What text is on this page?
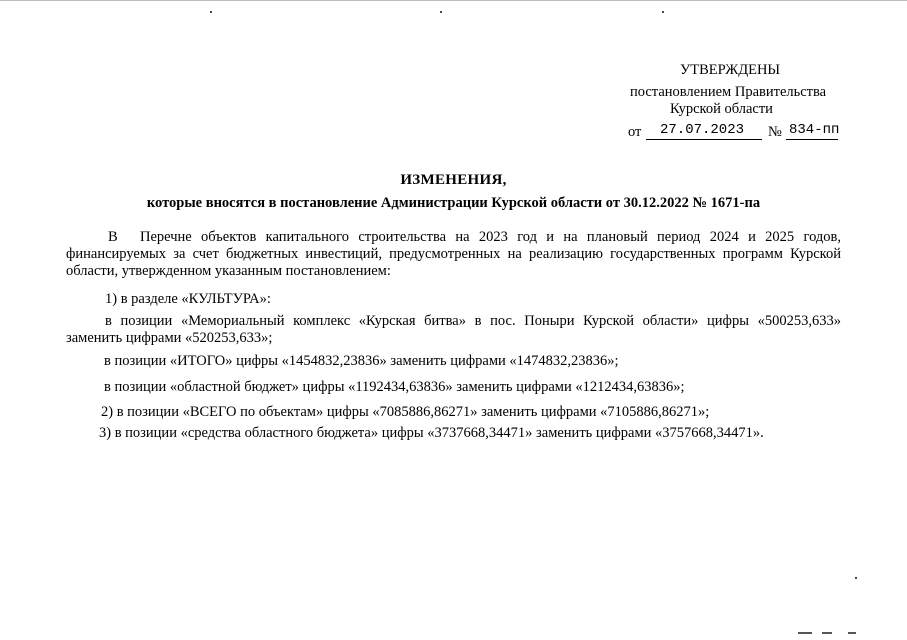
УТВЕРЖДЕНЫ
постановлением Правительства
Курской области
от 27.07.2023 № 834-пп
ИЗМЕНЕНИЯ,
которые вносятся в постановление Администрации Курской области от 30.12.2022 № 1671-па
В Перечне объектов капитального строительства на 2023 год и на плановый период 2024 и 2025 годов,
финансируемых за счет бюджетных инвестиций, предусмотренных на реализацию государственных программ Курской
области, утвержденном указанным постановлением:
1) в разделе «КУЛЬТУРА»:
в позиции «Мемориальный комплекс «Курская битва» в пос. Поныри Курской области» цифры «500253,633»
заменить цифрами «520253,633»;
в позиции «ИТОГО» цифры «1454832,23836» заменить цифрами «1474832,23836»;
в позиции «областной бюджет» цифры «1192434,63836» заменить цифрами «1212434,63836»;
2) в позиции «ВСЕГО по объектам» цифры «7085886,86271» заменить цифрами «7105886,86271»;
3) в позиции «средства областного бюджета» цифры «3737668,34471» заменить цифрами «3757668,34471».
